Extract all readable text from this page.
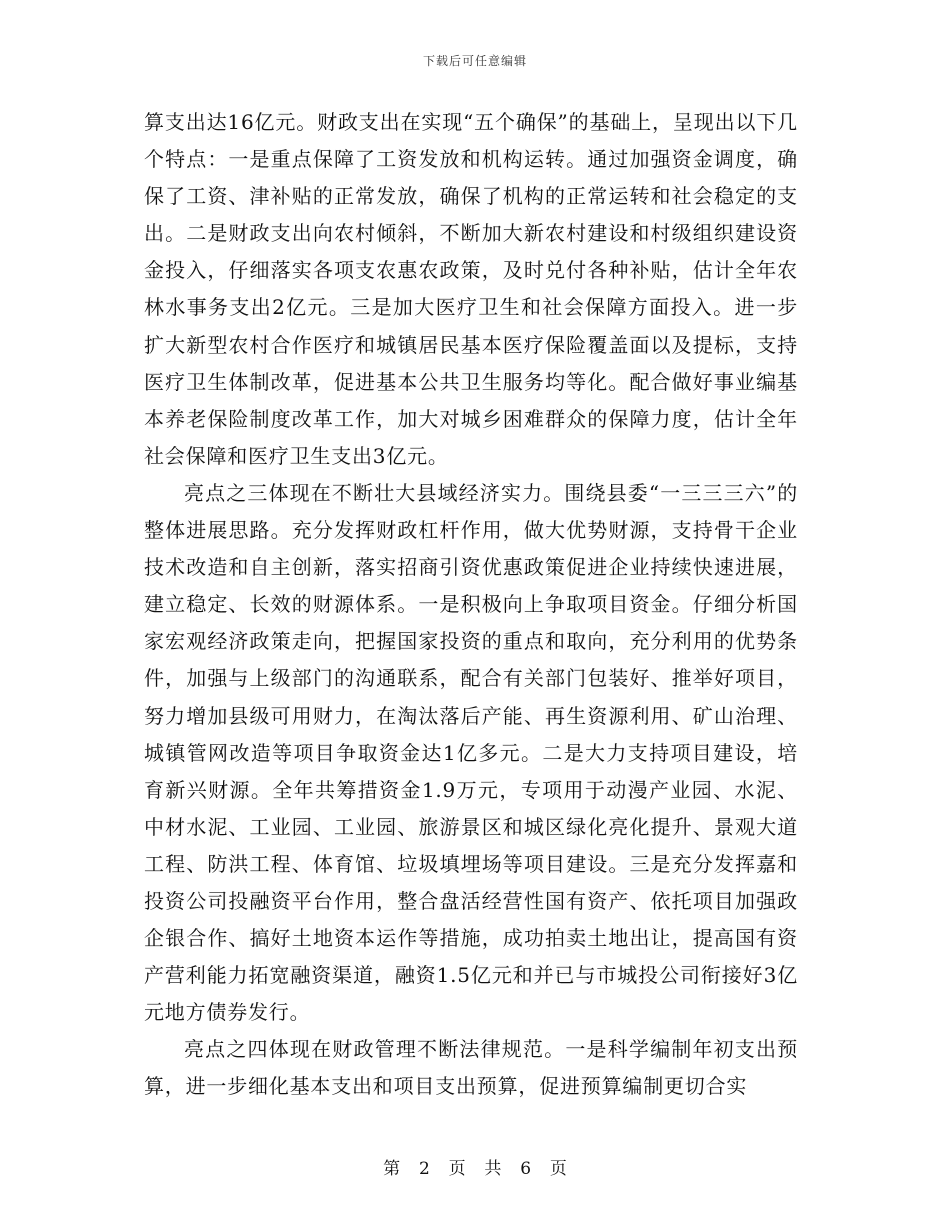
下载后可任意编辑

算支出达16亿元。财政支出在实现“五个确保”的基础上，呈现出以下几个特点：一是重点保障了工资发放和机构运转。通过加强资金调度，确保了工资、津补贴的正常发放，确保了机构的正常运转和社会稳定的支出。二是财政支出向农村倾斜，不断加大新农村建设和村级组织建设资金投入，仔细落实各项支农惠农政策，及时兑付各种补贴，估计全年农林水事务支出2亿元。三是加大医疗卫生和社会保障方面投入。进一步扩大新型农村合作医疗和城镇居民基本医疗保险覆盖面以及提标，支持医疗卫生体制改革，促进基本公共卫生服务均等化。配合做好事业编基本养老保险制度改革工作，加大对城乡困难群众的保障力度，估计全年社会保障和医疗卫生支出3亿元。

亮点之三体现在不断壮大县域经济实力。围绕县委“一三三三六”的整体进展思路。充分发挥财政杠杆作用，做大优势财源，支持骨干企业技术改造和自主创新，落实招商引资优惠政策促进企业持续快速进展，建立稳定、长效的财源体系。一是积极向上争取项目资金。仔细分析国家宏观经济政策走向，把握国家投资的重点和取向，充分利用的优势条件，加强与上级部门的沟通联系，配合有关部门包装好、推举好项目，努力增加县级可用财力，在淘汰落后产能、再生资源利用、矿山治理、城镇管网改造等项目争取资金达1亿多元。二是大力支持项目建设，培育新兴财源。全年共筹措资金1.9万元，专项用于动漫产业园、水泥、中材水泥、工业园、工业园、旅游景区和城区绿化亮化提升、景观大道工程、防洪工程、体育馆、垃圾填埋场等项目建设。三是充分发挥嘉和投资公司投融资平台作用，整合盘活经营性国有资产、依托项目加强政企银合作、搞好土地资本运作等措施，成功拍卖土地出让，提高国有资产营利能力拓宽融资渠道，融资1.5亿元和并已与市城投公司衔接好3亿元地方债券发行。

亮点之四体现在财政管理不断法律规范。一是科学编制年初支出预算，进一步细化基本支出和项目支出预算，促进预算编制更切合实

第 2 页 共 6 页
